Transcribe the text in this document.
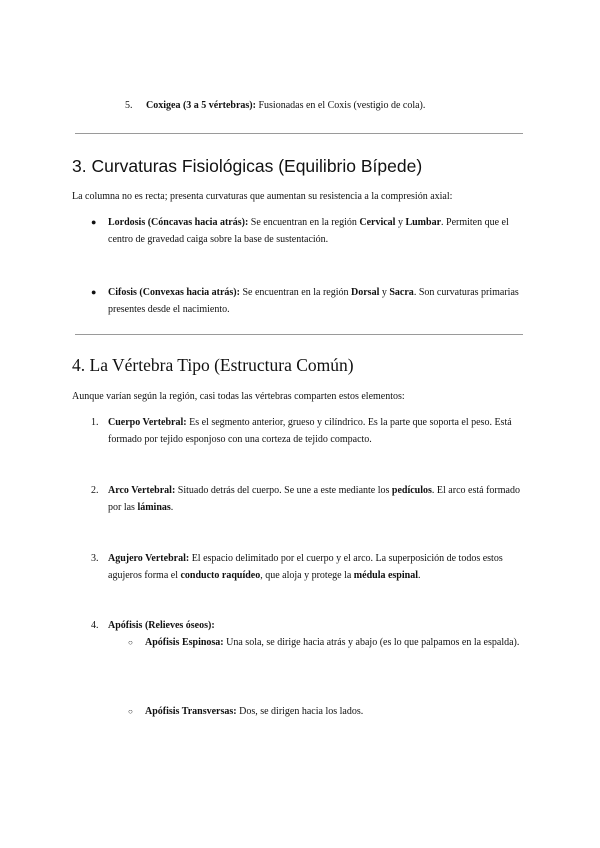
5. Coxigea (3 a 5 vértebras): Fusionadas en el Coxis (vestigio de cola).
3. Curvaturas Fisiológicas (Equilibrio Bípede)
La columna no es recta; presenta curvaturas que aumentan su resistencia a la compresión axial:
● Lordosis (Cóncavas hacia atrás): Se encuentran en la región Cervical y Lumbar. Permiten que el centro de gravedad caiga sobre la base de sustentación.
● Cifosis (Convexas hacia atrás): Se encuentran en la región Dorsal y Sacra. Son curvaturas primarias presentes desde el nacimiento.
4. La Vértebra Tipo (Estructura Común)
Aunque varían según la región, casi todas las vértebras comparten estos elementos:
1. Cuerpo Vertebral: Es el segmento anterior, grueso y cilíndrico. Es la parte que soporta el peso. Está formado por tejido esponjoso con una corteza de tejido compacto.
2. Arco Vertebral: Situado detrás del cuerpo. Se une a este mediante los pedículos. El arco está formado por las láminas.
3. Agujero Vertebral: El espacio delimitado por el cuerpo y el arco. La superposición de todos estos agujeros forma el conducto raquídeo, que aloja y protege la médula espinal.
4. Apófisis (Relieves óseos):
○ Apófisis Espinosa: Una sola, se dirige hacia atrás y abajo (es lo que palpamos en la espalda).
○ Apófisis Transversas: Dos, se dirigen hacia los lados.
